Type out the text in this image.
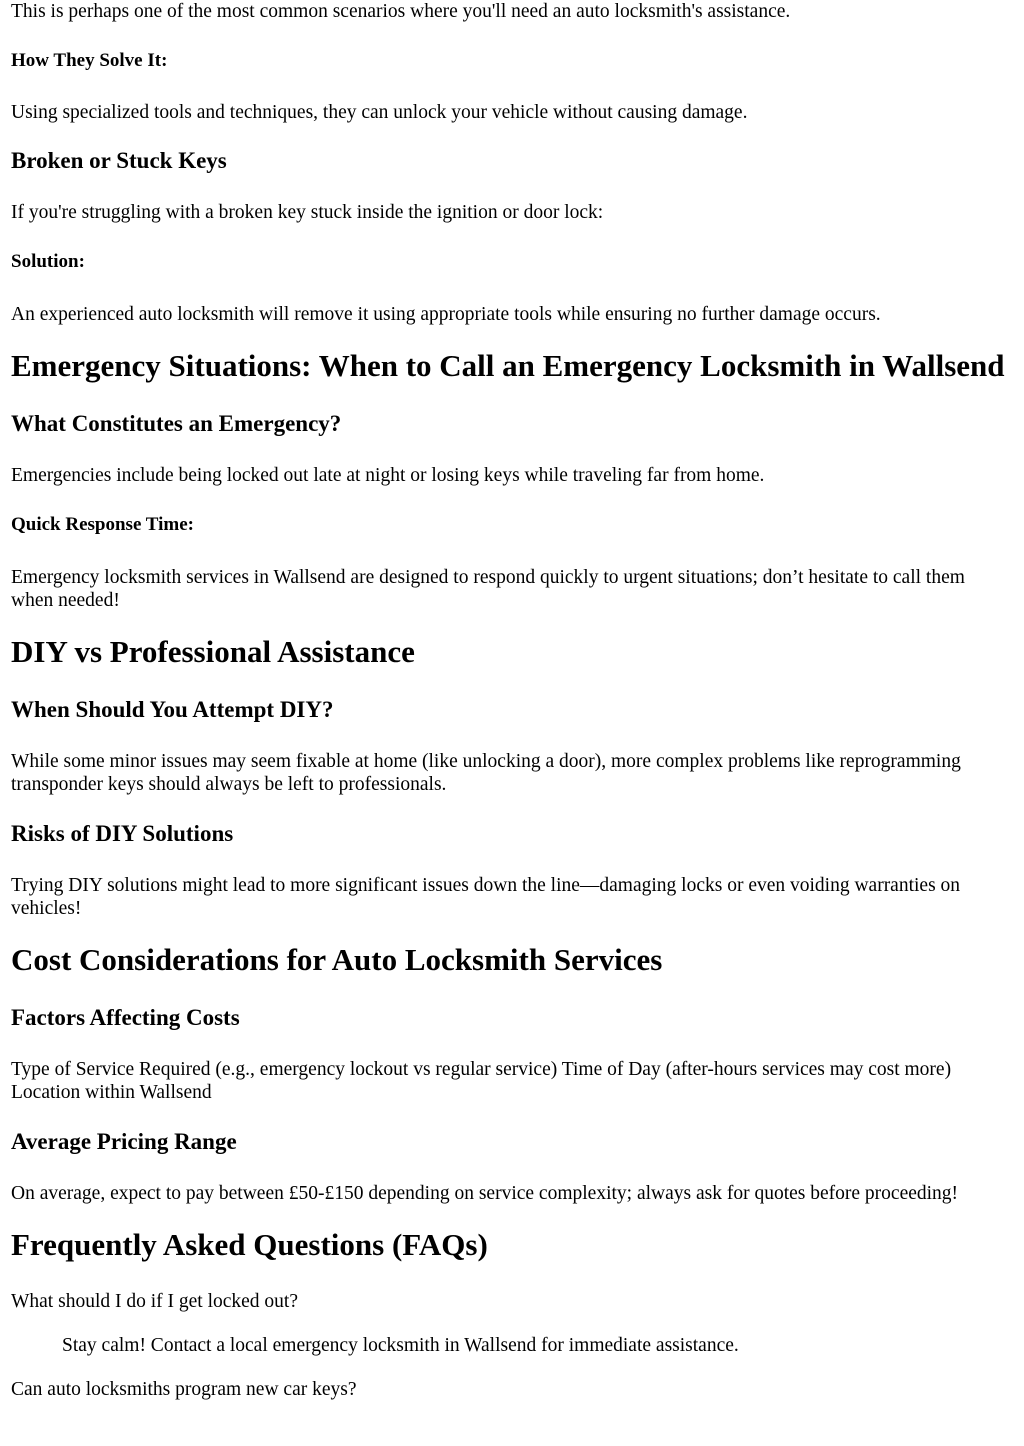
This is perhaps one of the most common scenarios where you'll need an auto locksmith's assistance.

How They Solve It:

Using specialized tools and techniques, they can unlock your vehicle without causing damage.

Broken or Stuck Keys

If you're struggling with a broken key stuck inside the ignition or door lock:

Solution:

An experienced auto locksmith will remove it using appropriate tools while ensuring no further damage occurs.

Emergency Situations: When to Call an Emergency Locksmith in Wallsend
What Constitutes an Emergency?

Emergencies include being locked out late at night or losing keys while traveling far from home.

Quick Response Time:

Emergency locksmith services in Wallsend are designed to respond quickly to urgent situations; don’t hesitate to call them when needed!

DIY vs Professional Assistance
When Should You Attempt DIY?

While some minor issues may seem fixable at home (like unlocking a door), more complex problems like reprogramming transponder keys should always be left to professionals.

Risks of DIY Solutions

Trying DIY solutions might lead to more significant issues down the line—damaging locks or even voiding warranties on vehicles!

Cost Considerations for Auto Locksmith Services
Factors Affecting Costs

Type of Service Required (e.g., emergency lockout vs regular service) Time of Day (after-hours services may cost more) Location within Wallsend

Average Pricing Range

On average, expect to pay between £50-£150 depending on service complexity; always ask for quotes before proceeding!

Frequently Asked Questions (FAQs)

What should I do if I get locked out?

Stay calm! Contact a local emergency locksmith in Wallsend for immediate assistance.

Can auto locksmiths program new car keys?
